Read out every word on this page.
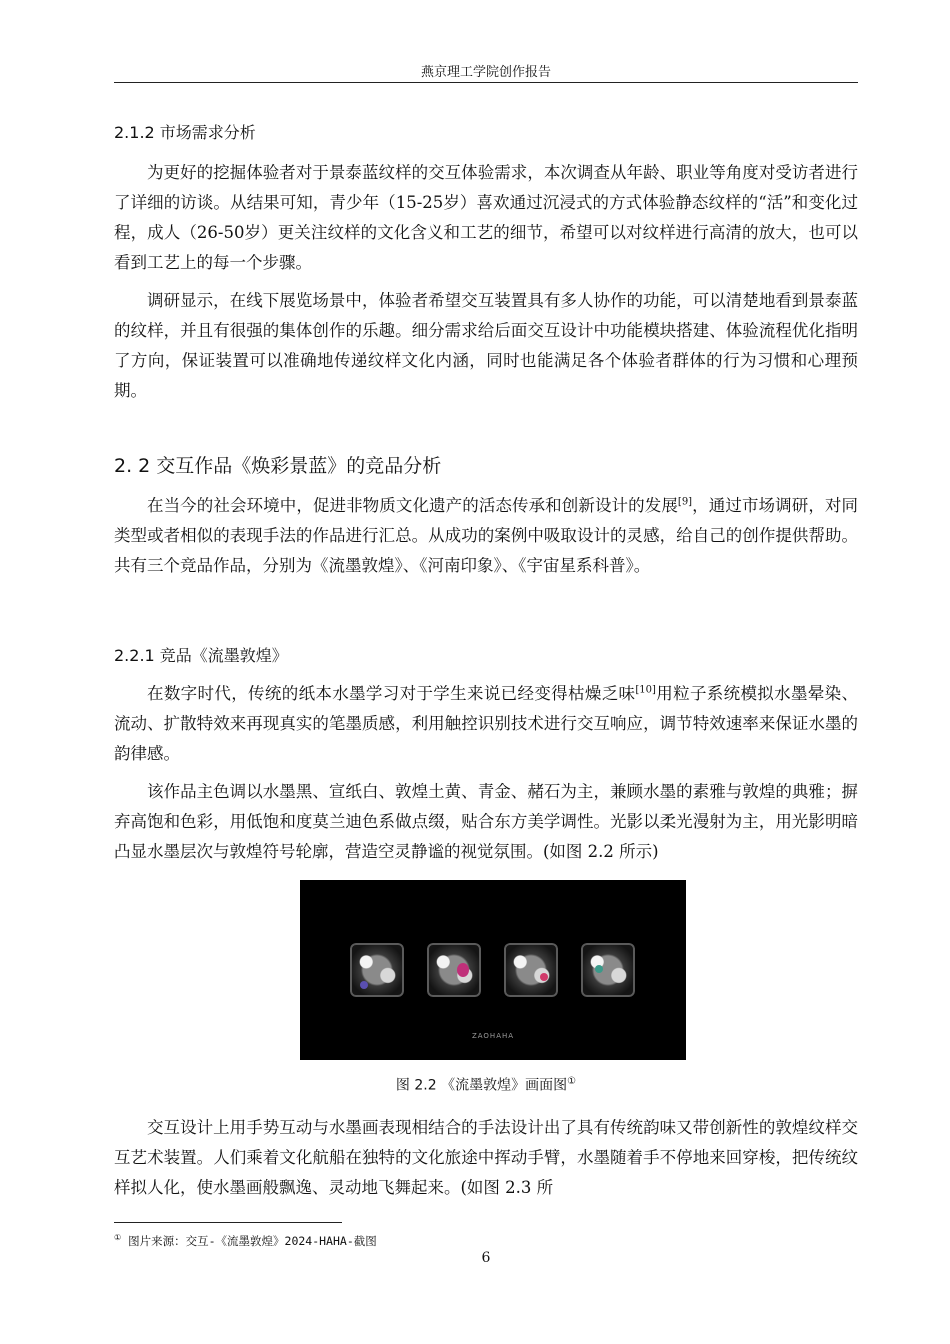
燕京理工学院创作报告
2.1.2 市场需求分析

为更好的挖掘体验者对于景泰蓝纹样的交互体验需求，本次调查从年龄、职业等角度对受访者进行了详细的访谈。从结果可知，青少年（15-25岁）喜欢通过沉浸式的方式体验静态纹样的“活”和变化过程，成人（26-50岁）更关注纹样的文化含义和工艺的细节，希望可以对纹样进行高清的放大，也可以看到工艺上的每一个步骤。

调研显示，在线下展览场景中，体验者希望交互装置具有多人协作的功能，可以清楚地看到景泰蓝的纹样，并且有很强的集体创作的乐趣。细分需求给后面交互设计中功能模块搭建、体验流程优化指明了方向，保证装置可以准确地传递纹样文化内涵，同时也能满足各个体验者群体的行为习惯和心理预期。

2. 2 交互作品《焕彩景蓝》的竞品分析

在当今的社会环境中，促进非物质文化遗产的活态传承和创新设计的发展[9]，通过市场调研，对同类型或者相似的表现手法的作品进行汇总。从成功的案例中吸取设计的灵感，给自己的创作提供帮助。共有三个竞品作品，分别为《流墨敦煌》、《河南印象》、《宇宙星系科普》。

2.2.1 竞品《流墨敦煌》

在数字时代，传统的纸本水墨学习对于学生来说已经变得枯燥乏味[10]用粒子系统模拟水墨晕染、流动、扩散特效来再现真实的笔墨质感，利用触控识别技术进行交互响应，调节特效速率来保证水墨的韵律感。

该作品主色调以水墨黑、宣纸白、敦煌土黄、青金、赭石为主，兼顾水墨的素雅与敦煌的典雅；摒弃高饱和色彩，用低饱和度莫兰迪色系做点缀，贴合东方美学调性。光影以柔光漫射为主，用光影明暗凸显水墨层次与敦煌符号轮廓，营造空灵静谧的视觉氛围。(如图 2.2 所示)

ZAOHAHA
图 2.2 《流墨敦煌》画面图①

交互设计上用手势互动与水墨画表现相结合的手法设计出了具有传统韵味又带创新性的敦煌纹样交互艺术装置。人们乘着文化航船在独特的文化旅途中挥动手臂，水墨随着手不停地来回穿梭，把传统纹样拟人化，使水墨画般飘逸、灵动地飞舞起来。(如图 2.3 所

① 图片来源：交互-《流墨敦煌》2024-HAHA-截图
6
